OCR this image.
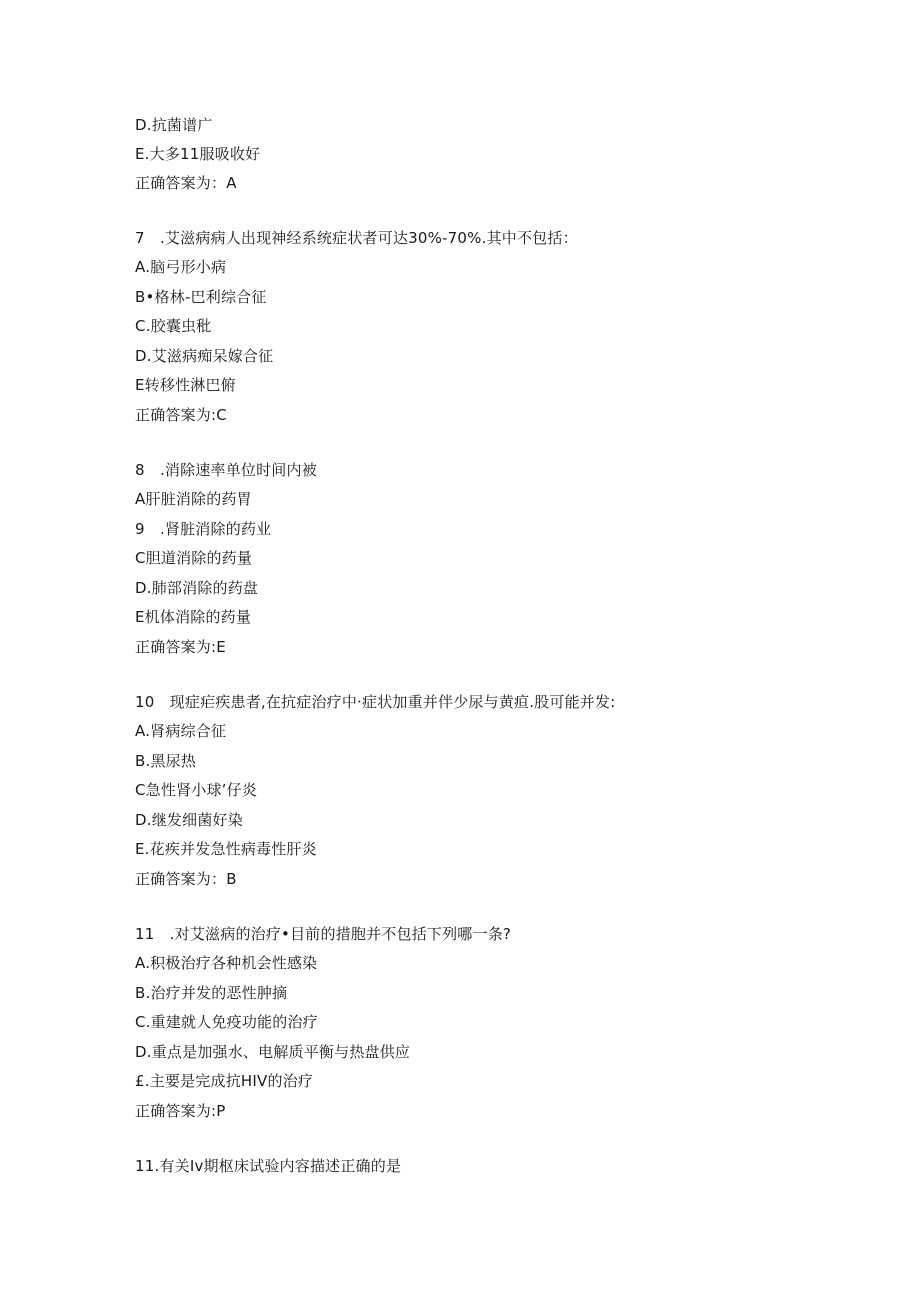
D.抗菌谱广
E.大多11服吸收好
正确答案为：A
7　.艾滋病病人出现神经系统症状者可达30%-70%.其中不包括：
A.脑弓形小病
B•格林-巴利综合征
C.胶囊虫秕
D.艾滋病痴呆嫁合征
E转移性淋巴俯
正确答案为:C
8　.消除速率单位时间内被
A肝脏消除的药胃
9　.肾脏消除的药业
C胆道消除的药量
D.肺部消除的药盘
E机体消除的药量
正确答案为:E
10　现症疟疾患者,在抗症治疗中·症状加重并伴少尿与黄疸.股可能并发:
A.肾病综合征
B.黑尿热
C急性肾小球’仔炎
D.继发细菌好染
E.花疾并发急性病毒性肝炎
正确答案为：B
11　.对艾滋病的治疗•目前的措胞并不包括下列哪一条?
A.积极治疗各种机会性感染
B.治疗并发的恶性肿摘
C.重建就人免疫功能的治疗
D.重点是加强水、电解质平衡与热盘供应
£.主要是完成抗HIV的治疗
正确答案为:P
11.有关Iv期枢床试验内容描述正确的是
